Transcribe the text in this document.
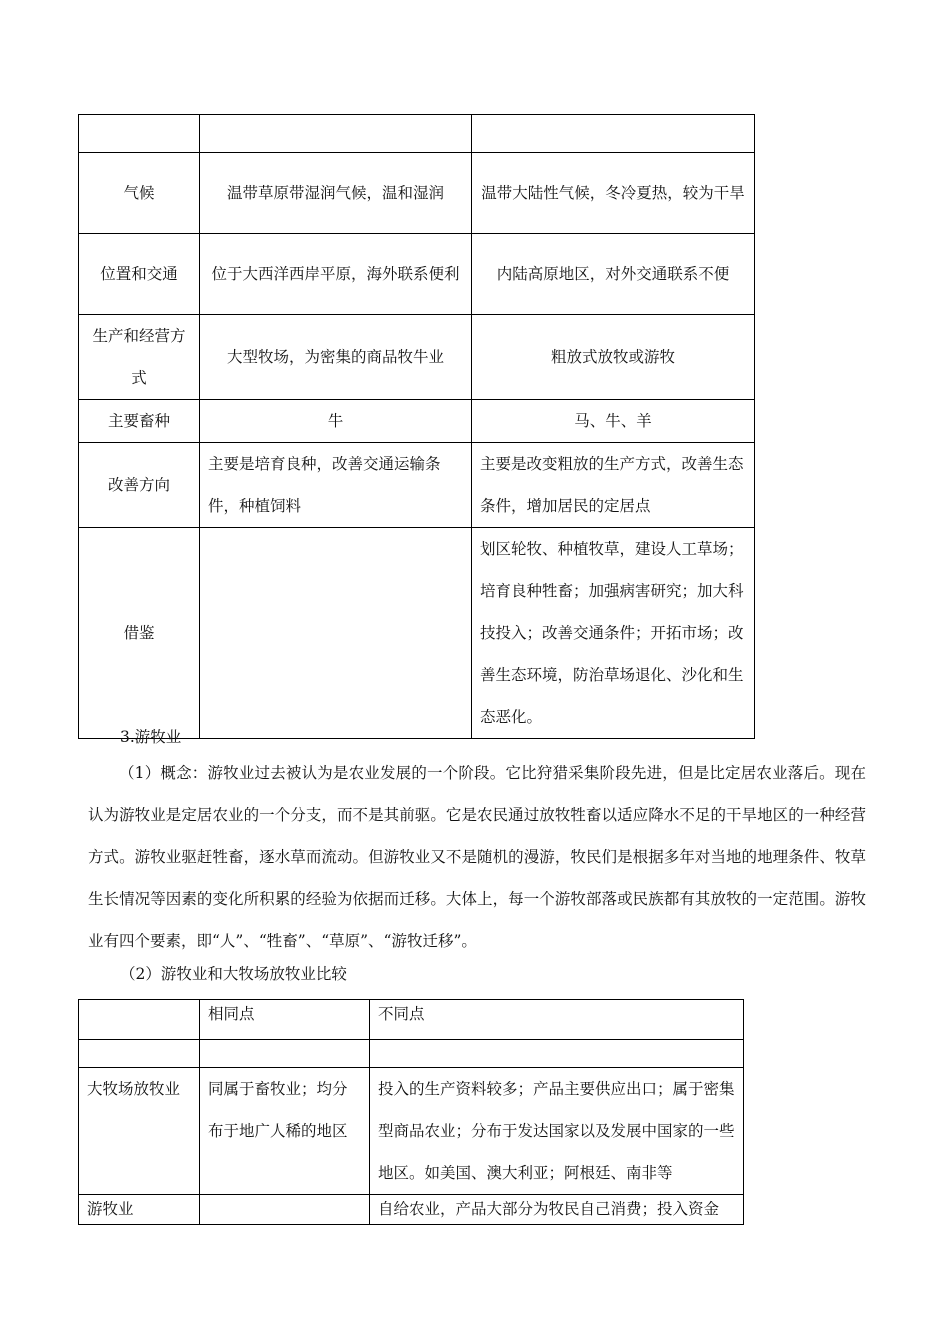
气候	温带草原带湿润气候，温和湿润	温带大陆性气候，冬冷夏热，较为干旱
位置和交通	位于大西洋西岸平原，海外联系便利	内陆高原地区，对外交通联系不便
生产和经营方式	大型牧场，为密集的商品牧牛业	粗放式放牧或游牧
主要畜种	牛	马、牛、羊
改善方向	主要是培育良种，改善交通运输条件，种植饲料	主要是改变粗放的生产方式，改善生态条件，增加居民的定居点
借鉴		划区轮牧、种植牧草，建设人工草场；培育良种牲畜；加强病害研究；加大科技投入；改善交通条件；开拓市场；改善生态环境，防治草场退化、沙化和生态恶化。

3.游牧业

（1）概念：游牧业过去被认为是农业发展的一个阶段。它比狩猎采集阶段先进，但是比定居农业落后。现在认为游牧业是定居农业的一个分支，而不是其前驱。它是农民通过放牧牲畜以适应降水不足的干旱地区的一种经营方式。游牧业驱赶牲畜，逐水草而流动。但游牧业又不是随机的漫游，牧民们是根据多年对当地的地理条件、牧草生长情况等因素的变化所积累的经验为依据而迁移。大体上，每一个游牧部落或民族都有其放牧的一定范围。游牧业有四个要素，即“人”、“牲畜”、“草原”、“游牧迁移”。

（2）游牧业和大牧场放牧业比较

	相同点	不同点

大牧场放牧业	同属于畜牧业；均分布于地广人稀的地区	投入的生产资料较多；产品主要供应出口；属于密集型商品农业；分布于发达国家以及发展中国家的一些地区。如美国、澳大利亚；阿根廷、南非等
游牧业		自给农业，产品大部分为牧民自己消费；投入资金
